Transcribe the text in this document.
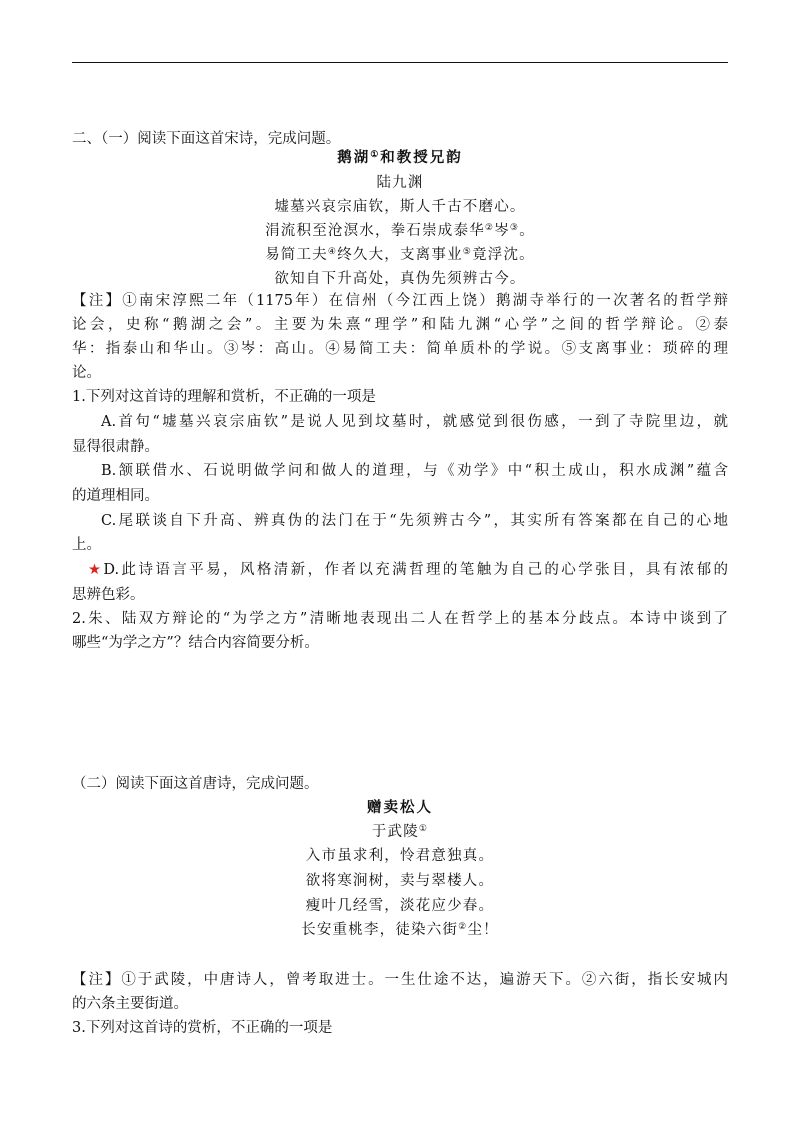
二、（一）阅读下面这首宋诗，完成问题。
鹅湖①和教授兄韵
陆九渊
墟墓兴哀宗庙钦，斯人千古不磨心。
涓流积至沧溟水，拳石崇成泰华②岑③。
易简工夫④终久大，支离事业⑤竟浮沈。
欲知自下升高处，真伪先须辨古今。
【注】①南宋淳熙二年（1175年）在信州（今江西上饶）鹅湖寺举行的一次著名的哲学辩
论会，史称“鹅湖之会”。主要为朱熹“理学”和陆九渊“心学”之间的哲学辩论。②泰
华：指泰山和华山。③岑：高山。④易简工夫：简单质朴的学说。⑤支离事业：琐碎的理
论。
1.下列对这首诗的理解和赏析，不正确的一项是
A.首句“墟墓兴哀宗庙钦”是说人见到坟墓时，就感觉到很伤感，一到了寺院里边，就
显得很肃静。
B.颔联借水、石说明做学问和做人的道理，与《劝学》中“积土成山，积水成渊”蕴含
的道理相同。
C.尾联谈自下升高、辨真伪的法门在于“先须辨古今”，其实所有答案都在自己的心地
上。
★D.此诗语言平易，风格清新，作者以充满哲理的笔触为自己的心学张目，具有浓郁的
思辨色彩。
2.朱、陆双方辩论的“为学之方”清晰地表现出二人在哲学上的基本分歧点。本诗中谈到了
哪些“为学之方”？结合内容简要分析。
（二）阅读下面这首唐诗，完成问题。
赠卖松人
于武陵①
入市虽求利，怜君意独真。
欲将寒涧树，卖与翠楼人。
瘦叶几经雪，淡花应少春。
长安重桃李，徒染六街②尘！
【注】①于武陵，中唐诗人，曾考取进士。一生仕途不达，遍游天下。②六街，指长安城内
的六条主要街道。
3.下列对这首诗的赏析，不正确的一项是
